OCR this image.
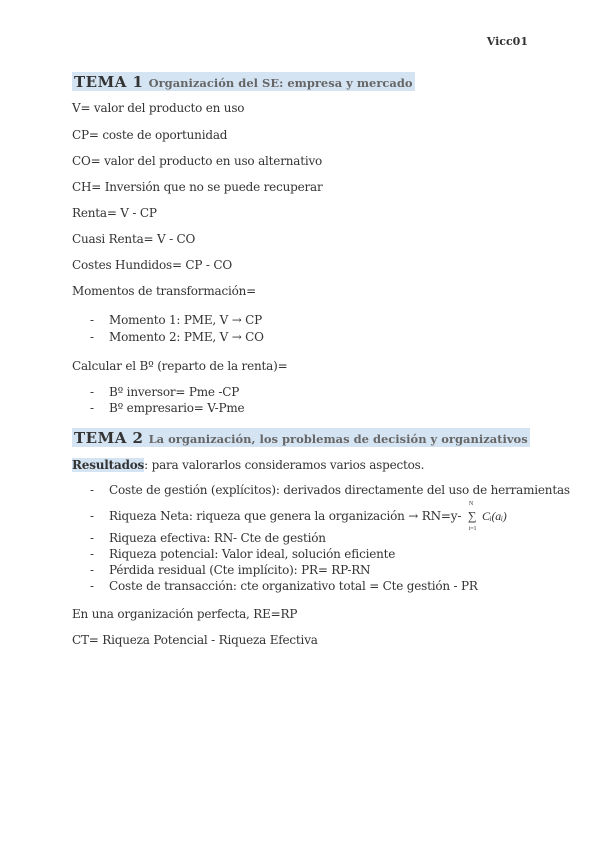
Vicc01
TEMA 1 Organización del SE: empresa y mercado
V= valor del producto en uso
CP= coste de oportunidad
CO= valor del producto en uso alternativo
CH= Inversión que no se puede recuperar
Renta= V - CP
Cuasi Renta= V - CO
Costes Hundidos= CP - CO
Momentos de transformación=
- Momento 1: PME, V → CP
- Momento 2: PME, V → CO
Calcular el Bº (reparto de la renta)=
- Bº inversor= Pme -CP
- Bº empresario= V-Pme
TEMA 2 La organización, los problemas de decisión y organizativos
Resultados: para valorarlos consideramos varios aspectos.
- Coste de gestión (explícitos): derivados directamente del uso de herramientas
- Riqueza Neta: riqueza que genera la organización → RN=y- ∑
N
i=1
Cᵢ(aᵢ)
- Riqueza efectiva: RN- Cte de gestión
- Riqueza potencial: Valor ideal, solución eficiente
- Pérdida residual (Cte implícito): PR= RP-RN
- Coste de transacción: cte organizativo total = Cte gestión - PR
En una organización perfecta, RE=RP
CT= Riqueza Potencial - Riqueza Efectiva
